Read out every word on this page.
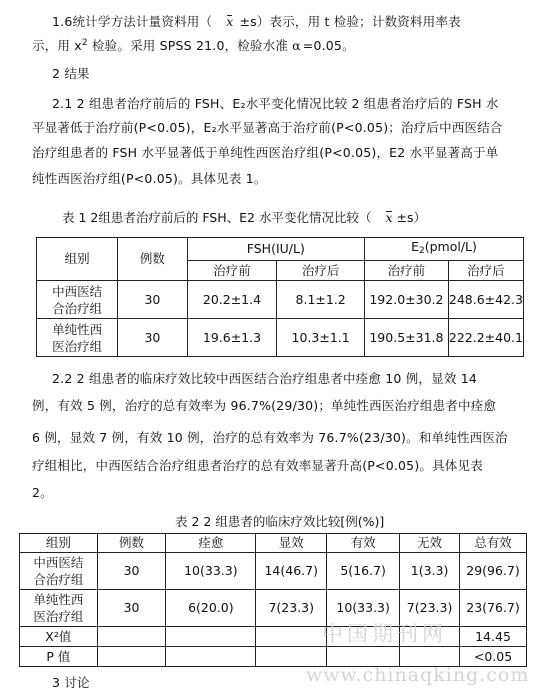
1.6统计学方法计量资料用（ x ±s）表示，用 t 检验；计数资料用率表

示，用 $x^2$ 检验。采用 SPSS 21.0，检验水准 α =0.05。

2 结果

2.1 2 组患者治疗前后的 FSH、E₂水平变化情况比较 2 组患者治疗后的 FSH 水

平显著低于治疗前(P<0.05)，E₂水平显著高于治疗前(P<0.05)；治疗后中西医结合

治疗组患者的 FSH 水平显著低于单纯性西医治疗组(P<0.05)，E2 水平显著高于单

纯性西医治疗组(P<0.05)。具体见表 1。

表 1 2组患者治疗前后的 FSH、E2 水平变化情况比较（ x ±s）
组别	例数	FSH(IU/L)		$E_2(pmol/L)$	
		治疗前	治疗后	治疗前	治疗后
中西医结
合治疗组	30	20.2±1.4	8.1±1.2	192.0±30.2	248.6±42.3
单纯性西
医治疗组	30	19.6±1.3	10.3±1.1	190.5±31.8	222.2±40.1

2.2 2 组患者的临床疗效比较中西医结合治疗组患者中痊愈 10 例，显效 14

例，有效 5 例，治疗的总有效率为 96.7%(29/30)；单纯性西医治疗组患者中痊愈

6 例，显效 7 例，有效 10 例，治疗的总有效率为 76.7%(23/30)。和单纯性西医治

疗组相比，中西医结合治疗组患者治疗的总有效率显著升高(P<0.05)。具体见表

2。

表 2 2 组患者的临床疗效比较[例(%)]
组别	例数	痊愈	显效	有效	无效	总有效
中西医结
合治疗组	30	10(33.3)	14(46.7)	5(16.7)	1(3.3)	29(96.7)
单纯性西
医治疗组	30	6(20.0)	7(23.3)	10(33.3)	7(23.3)	23(76.7)
X²值						14.45
P 值						<0.05

3 讨论

中国期刊网
www.chinaqking.com
